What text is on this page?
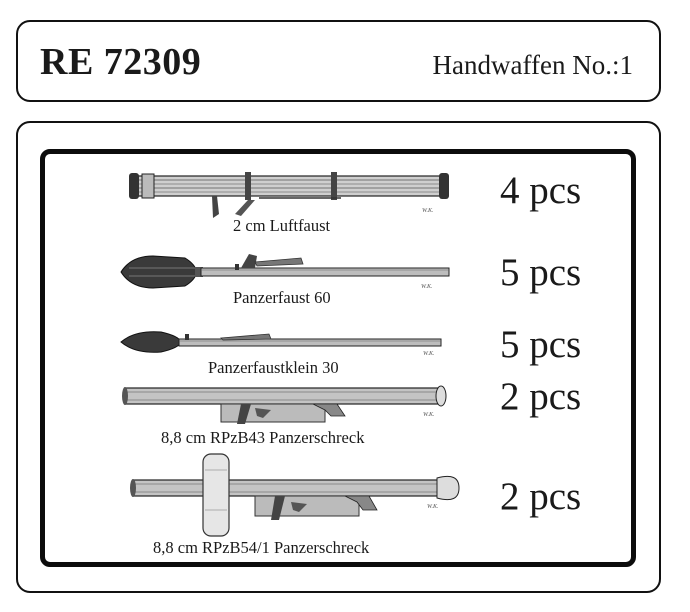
RE 72309	Handwaffen No.:1
W.K.
2 cm Luftfaust
4 pcs
W.K.
Panzerfaust 60
5 pcs
W.K.
Panzerfaustklein 30
5 pcs
W.K.
8,8 cm RPzB43 Panzerschreck
2 pcs
W.K.
8,8 cm RPzB54/1 Panzerschreck
2 pcs
